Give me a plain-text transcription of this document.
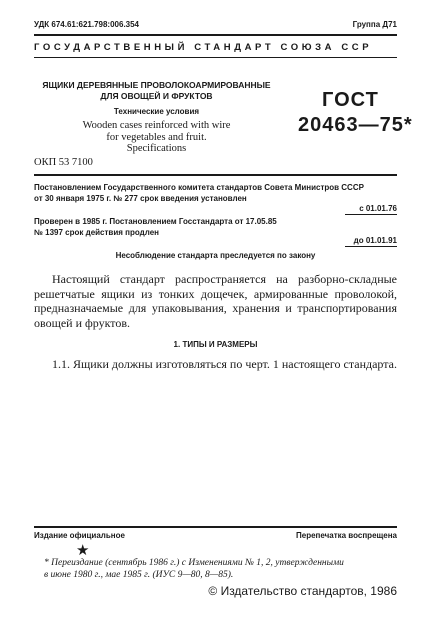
УДК 674.61:621.798:006.354	Группа Д71
ГОСУДАРСТВЕННЫЙ СТАНДАРТ СОЮЗА ССР
ЯЩИКИ ДЕРЕВЯННЫЕ ПРОВОЛОКОАРМИРОВАННЫЕ
ДЛЯ ОВОЩЕЙ И ФРУКТОВ
Технические условия
Wooden cases reinforced with wire
for vegetables and fruit.
Specifications
ГОСТ
20463—75*
ОКП 53 7100
Постановлением Государственного комитета стандартов Совета Министров СССР
от 30 января 1975 г. № 277 срок введения установлен
с 01.01.76
Проверен в 1985 г. Постановлением Госстандарта от 17.05.85
№ 1397 срок действия продлен
до 01.01.91
Несоблюдение стандарта преследуется по закону
Настоящий стандарт распространяется на разборно-складные решетчатые ящики из тонких дощечек, армированные проволокой, предназначаемые для упаковывания, хранения и транспортирования овощей и фруктов.
1. ТИПЫ И РАЗМЕРЫ
1.1. Ящики должны изготовляться по черт. 1 настоящего стандарта.
Издание официальное	Перепечатка воспрещена
★
* Переиздание (сентябрь 1986 г.) с Изменениями № 1, 2, утвержденными
в июне 1980 г., мае 1985 г. (ИУС 9—80, 8—85).
© Издательство стандартов, 1986
